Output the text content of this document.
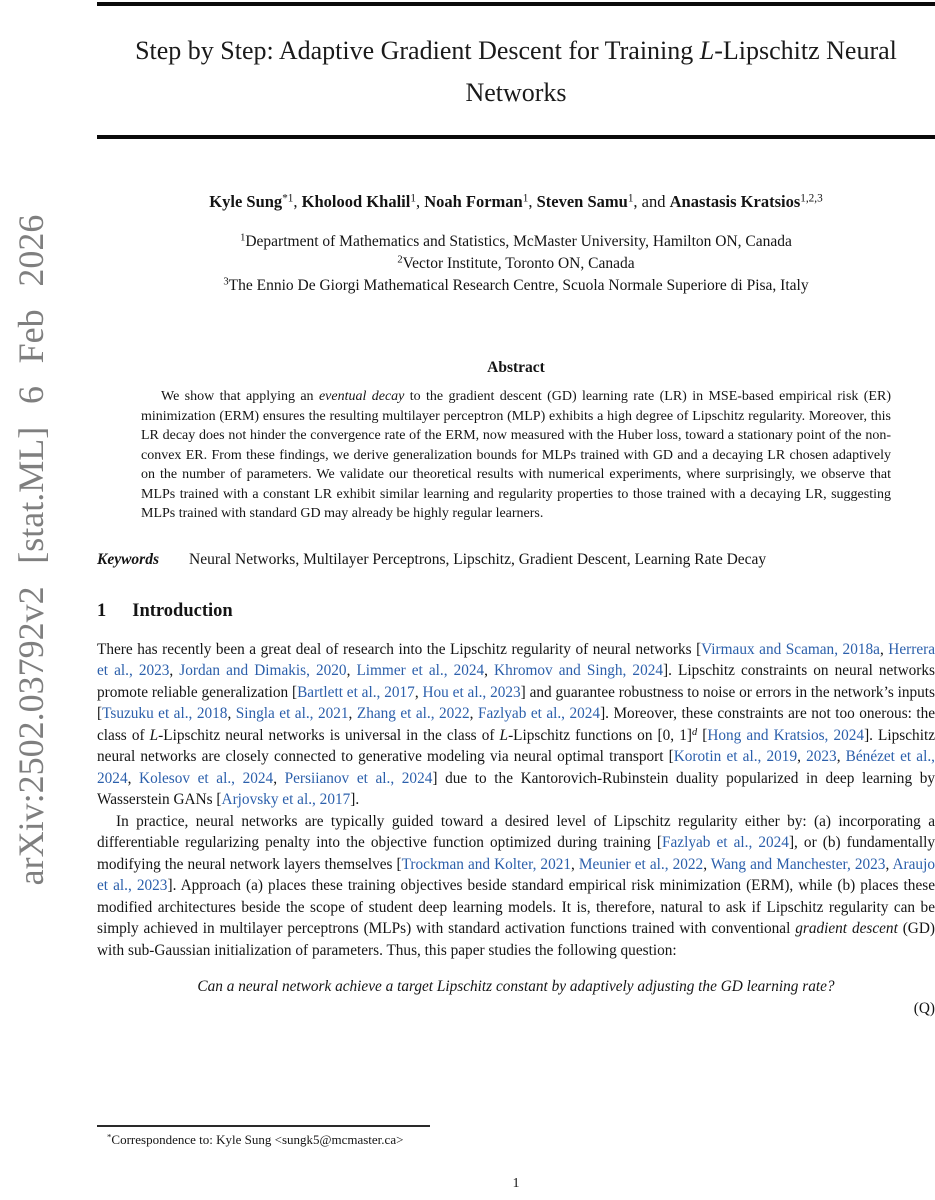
arXiv:2502.03792v2 [stat.ML] 6 Feb 2026
Step by Step: Adaptive Gradient Descent for Training L-Lipschitz Neural Networks
Kyle Sung$^{*1}$, Kholood Khalil$^1$, Noah Forman$^1$, Steven Samu$^1$, and Anastasis Kratsios$^{1,2,3}$
$^1$Department of Mathematics and Statistics, McMaster University, Hamilton ON, Canada
$^2$Vector Institute, Toronto ON, Canada
$^3$The Ennio De Giorgi Mathematical Research Centre, Scuola Normale Superiore di Pisa, Italy
Abstract
We show that applying an eventual decay to the gradient descent (GD) learning rate (LR) in MSE-based empirical risk (ER) minimization (ERM) ensures the resulting multilayer perceptron (MLP) exhibits a high degree of Lipschitz regularity. Moreover, this LR decay does not hinder the convergence rate of the ERM, now measured with the Huber loss, toward a stationary point of the non-convex ER. From these findings, we derive generalization bounds for MLPs trained with GD and a decaying LR chosen adaptively on the number of parameters. We validate our theoretical results with numerical experiments, where surprisingly, we observe that MLPs trained with a constant LR exhibit similar learning and regularity properties to those trained with a decaying LR, suggesting MLPs trained with standard GD may already be highly regular learners.
Keywords Neural Networks, Multilayer Perceptrons, Lipschitz, Gradient Descent, Learning Rate Decay
1 Introduction
There has recently been a great deal of research into the Lipschitz regularity of neural networks [Virmaux and Scaman, 2018a, Herrera et al., 2023, Jordan and Dimakis, 2020, Limmer et al., 2024, Khromov and Singh, 2024]. Lipschitz constraints on neural networks promote reliable generalization [Bartlett et al., 2017, Hou et al., 2023] and guarantee robustness to noise or errors in the network’s inputs [Tsuzuku et al., 2018, Singla et al., 2021, Zhang et al., 2022, Fazlyab et al., 2024]. Moreover, these constraints are not too onerous: the class of L-Lipschitz neural networks is universal in the class of L-Lipschitz functions on [0, 1]$^d$ [Hong and Kratsios, 2024]. Lipschitz neural networks are closely connected to generative modeling via neural optimal transport [Korotin et al., 2019, 2023, Bénézet et al., 2024, Kolesov et al., 2024, Persiianov et al., 2024] due to the Kantorovich-Rubinstein duality popularized in deep learning by Wasserstein GANs [Arjovsky et al., 2017].
In practice, neural networks are typically guided toward a desired level of Lipschitz regularity either by: (a) incorporating a differentiable regularizing penalty into the objective function optimized during training [Fazlyab et al., 2024], or (b) fundamentally modifying the neural network layers themselves [Trockman and Kolter, 2021, Meunier et al., 2022, Wang and Manchester, 2023, Araujo et al., 2023]. Approach (a) places these training objectives beside standard empirical risk minimization (ERM), while (b) places these modified architectures beside the scope of student deep learning models. It is, therefore, natural to ask if Lipschitz regularity can be simply achieved in multilayer perceptrons (MLPs) with standard activation functions trained with conventional gradient descent (GD) with sub-Gaussian initialization of parameters. Thus, this paper studies the following question:
Can a neural network achieve a target Lipschitz constant by adaptively adjusting the GD learning rate?
(Q)
*Correspondence to: Kyle Sung <sungk5@mcmaster.ca>
1
